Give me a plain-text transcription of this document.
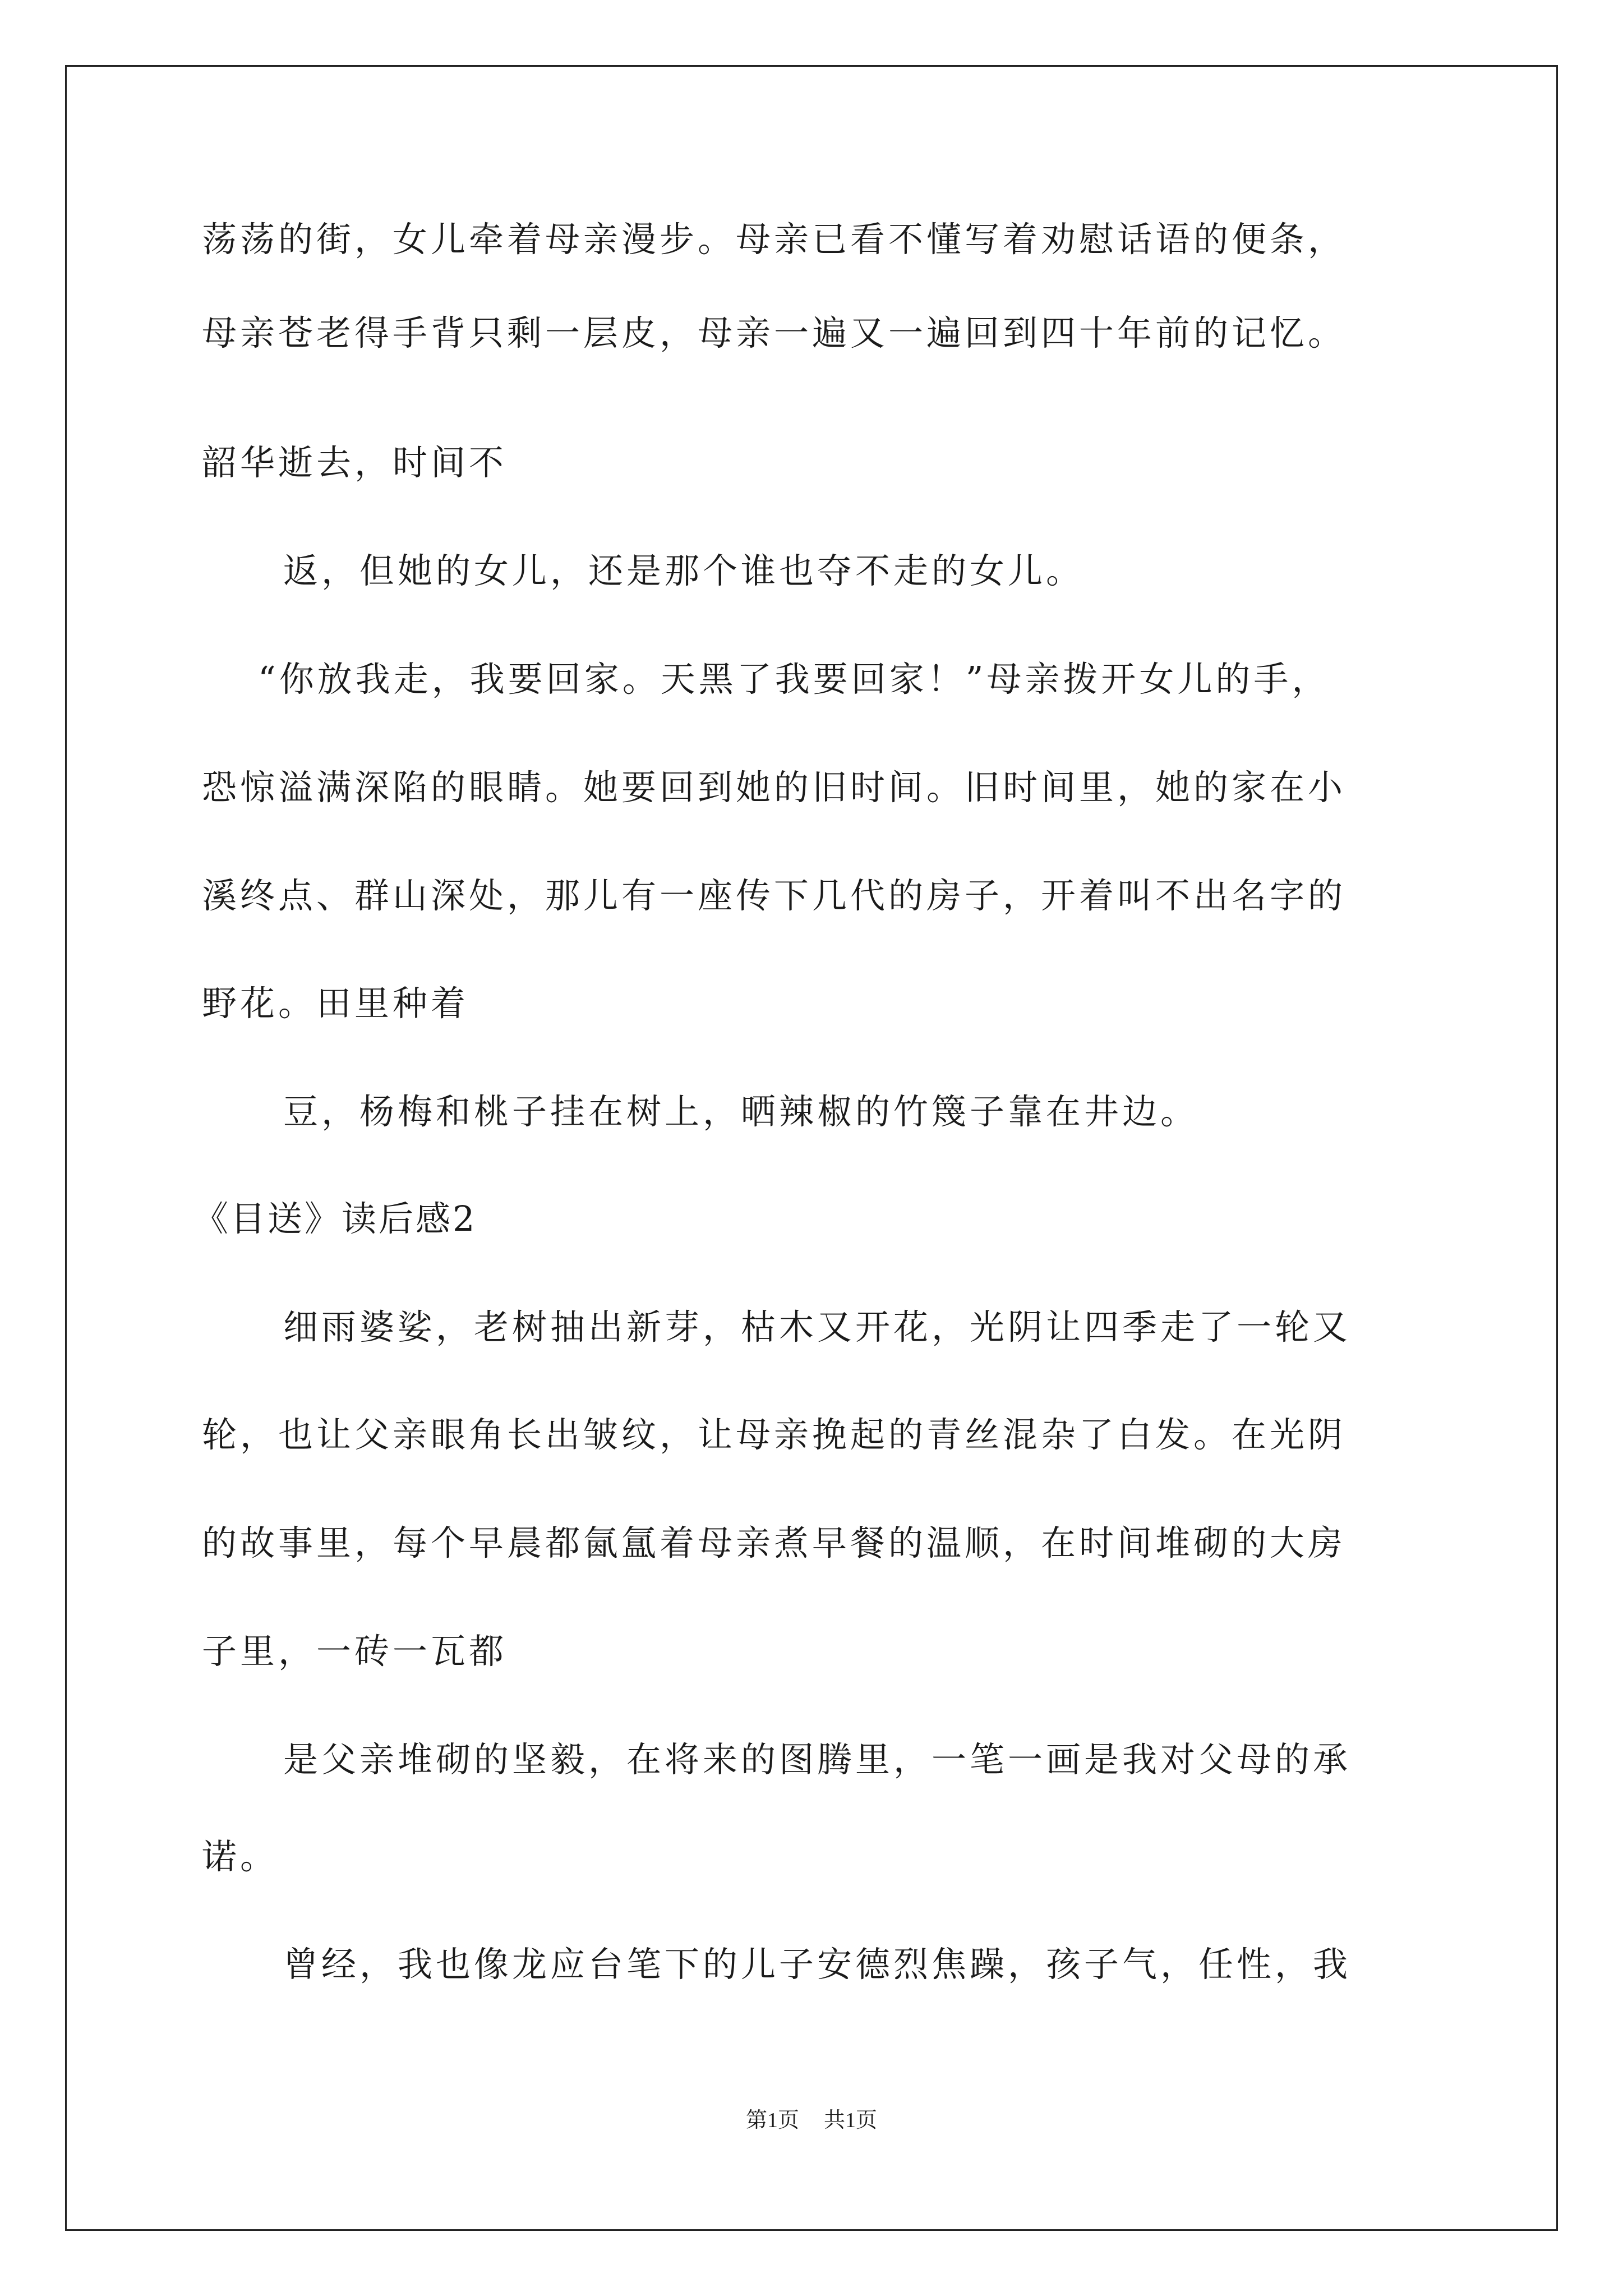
荡荡的街，女儿牵着母亲漫步。母亲已看不懂写着劝慰话语的便条，
母亲苍老得手背只剩一层皮，母亲一遍又一遍回到四十年前的记忆。
韶华逝去，时间不
返，但她的女儿，还是那个谁也夺不走的女儿。
“你放我走，我要回家。天黑了我要回家！”母亲拨开女儿的手，
恐惊溢满深陷的眼睛。她要回到她的旧时间。旧时间里，她的家在小
溪终点、群山深处，那儿有一座传下几代的房子，开着叫不出名字的
野花。田里种着
豆，杨梅和桃子挂在树上，晒辣椒的竹篾子靠在井边。
《目送》读后感2
细雨婆娑，老树抽出新芽，枯木又开花，光阴让四季走了一轮又
轮，也让父亲眼角长出皱纹，让母亲挽起的青丝混杂了白发。在光阴
的故事里，每个早晨都氤氲着母亲煮早餐的温顺，在时间堆砌的大房
子里，一砖一瓦都
是父亲堆砌的坚毅，在将来的图腾里，一笔一画是我对父母的承
诺。
曾经，我也像龙应台笔下的儿子安德烈焦躁，孩子气，任性，我
第1页 共1页
